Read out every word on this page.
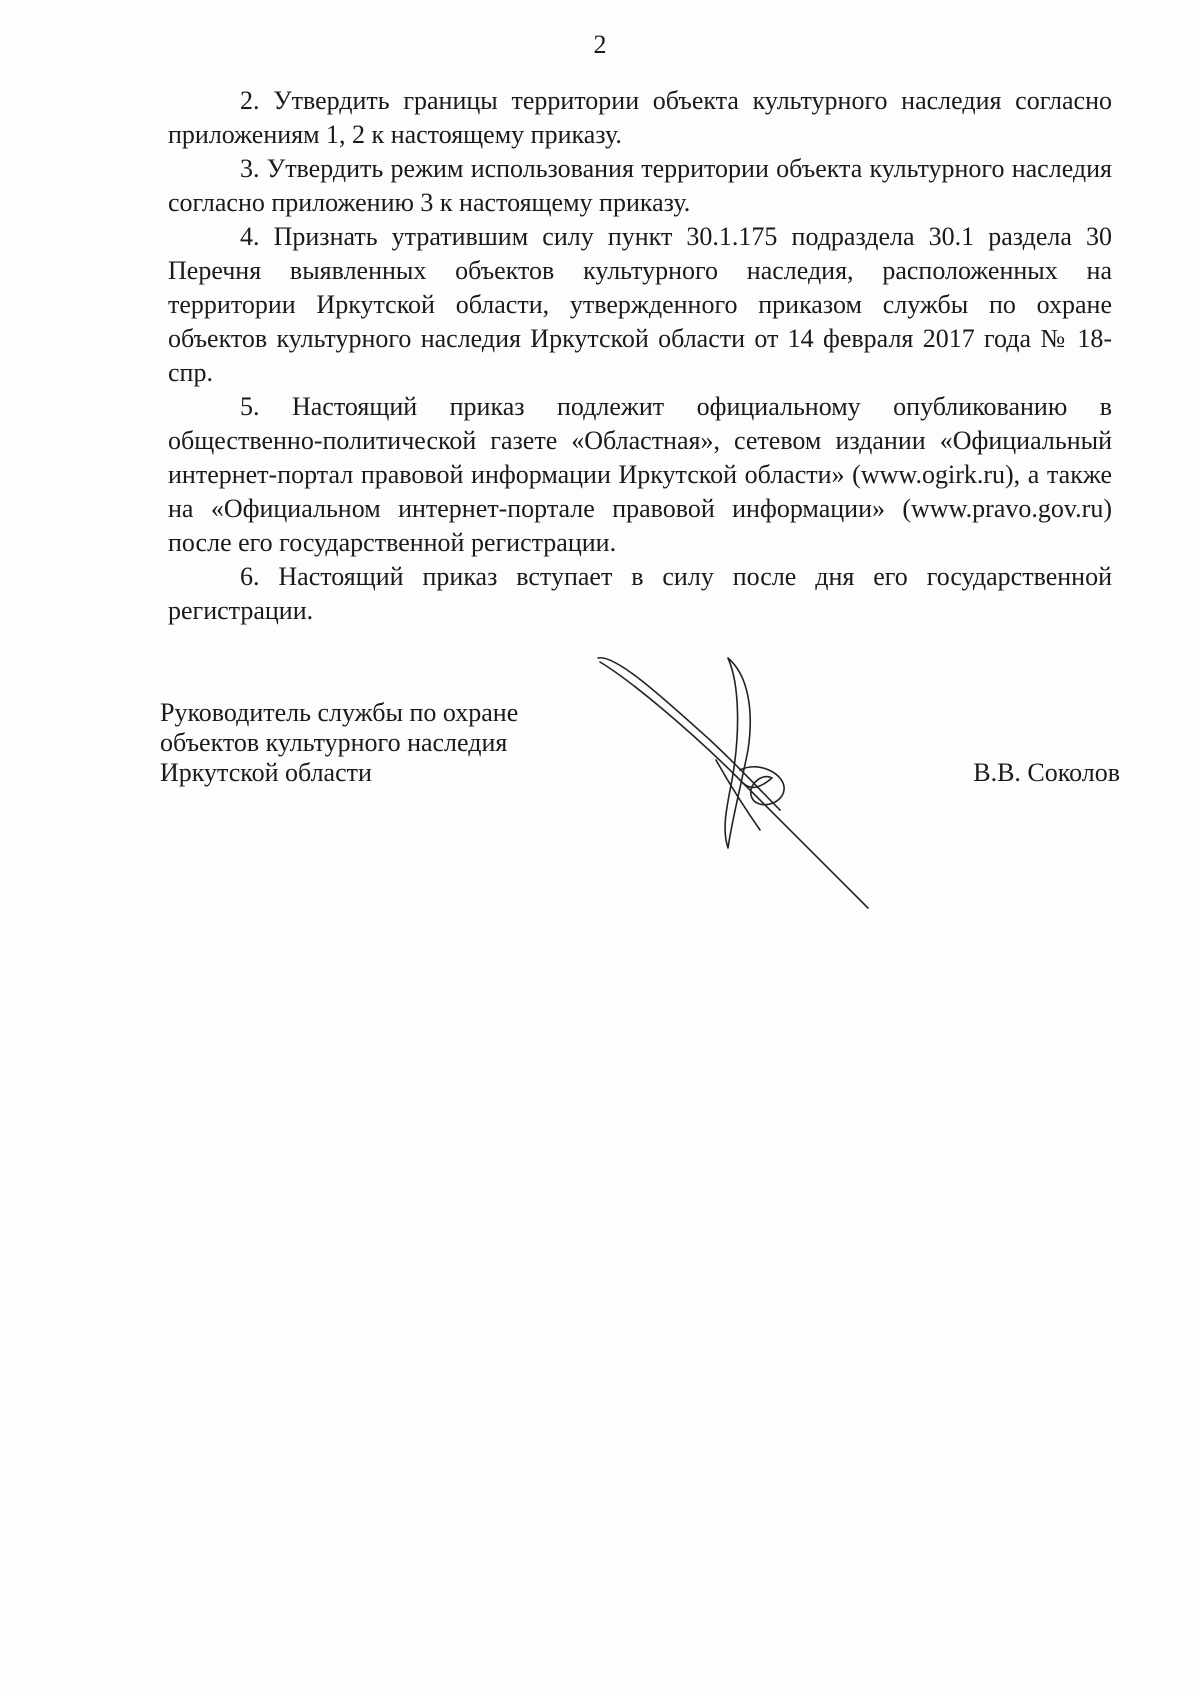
2

2. Утвердить границы территории объекта культурного наследия согласно приложениям 1, 2 к настоящему приказу.

3. Утвердить режим использования территории объекта культурного наследия согласно приложению 3 к настоящему приказу.

4. Признать утратившим силу пункт 30.1.175 подраздела 30.1 раздела 30 Перечня выявленных объектов культурного наследия, расположенных на территории Иркутской области, утвержденного приказом службы по охране объектов культурного наследия Иркутской области от 14 февраля 2017 года № 18-спр.

5. Настоящий приказ подлежит официальному опубликованию в общественно-политической газете «Областная», сетевом издании «Официальный интернет-портал правовой информации Иркутской области» (www.ogirk.ru), а также на «Официальном интернет-портале правовой информации» (www.pravo.gov.ru) после его государственной регистрации.

6. Настоящий приказ вступает в силу после дня его государственной регистрации.

Руководитель службы по охране
объектов культурного наследия
Иркутской области	В.В. Соколов
